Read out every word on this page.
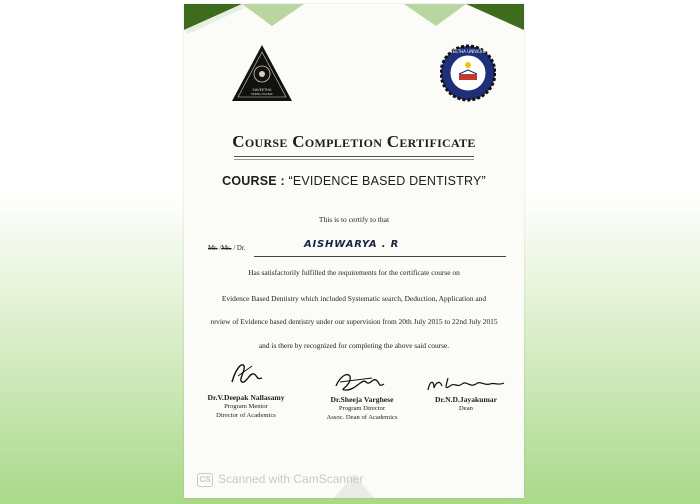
SAVEETHA
DENTAL COLLEGE
SAVEETHA UNIVERSITY
Course Completion Certificate
COURSE : “EVIDENCE BASED DENTISTRY”
This is to certify to that
Mr. /Ms. / Dr.	AISHWARYA . R
Has satisfactorily fulfilled the requirements for the certificate course on
Evidence Based Dentistry which included Systematic search, Deduction, Application and
review of Evidence based dentistry under our supervision from 20th July 2015 to 22nd July 2015
and is there by recognized for completing the above said course.
Dr.V.Deepak Nallasamy
Program Mentor
Director of Academics
Dr.Sheeja Varghese
Program Director
Assoc. Dean of Academics
Dr.N.D.Jayakumar
Dean
CS Scanned with CamScanner
